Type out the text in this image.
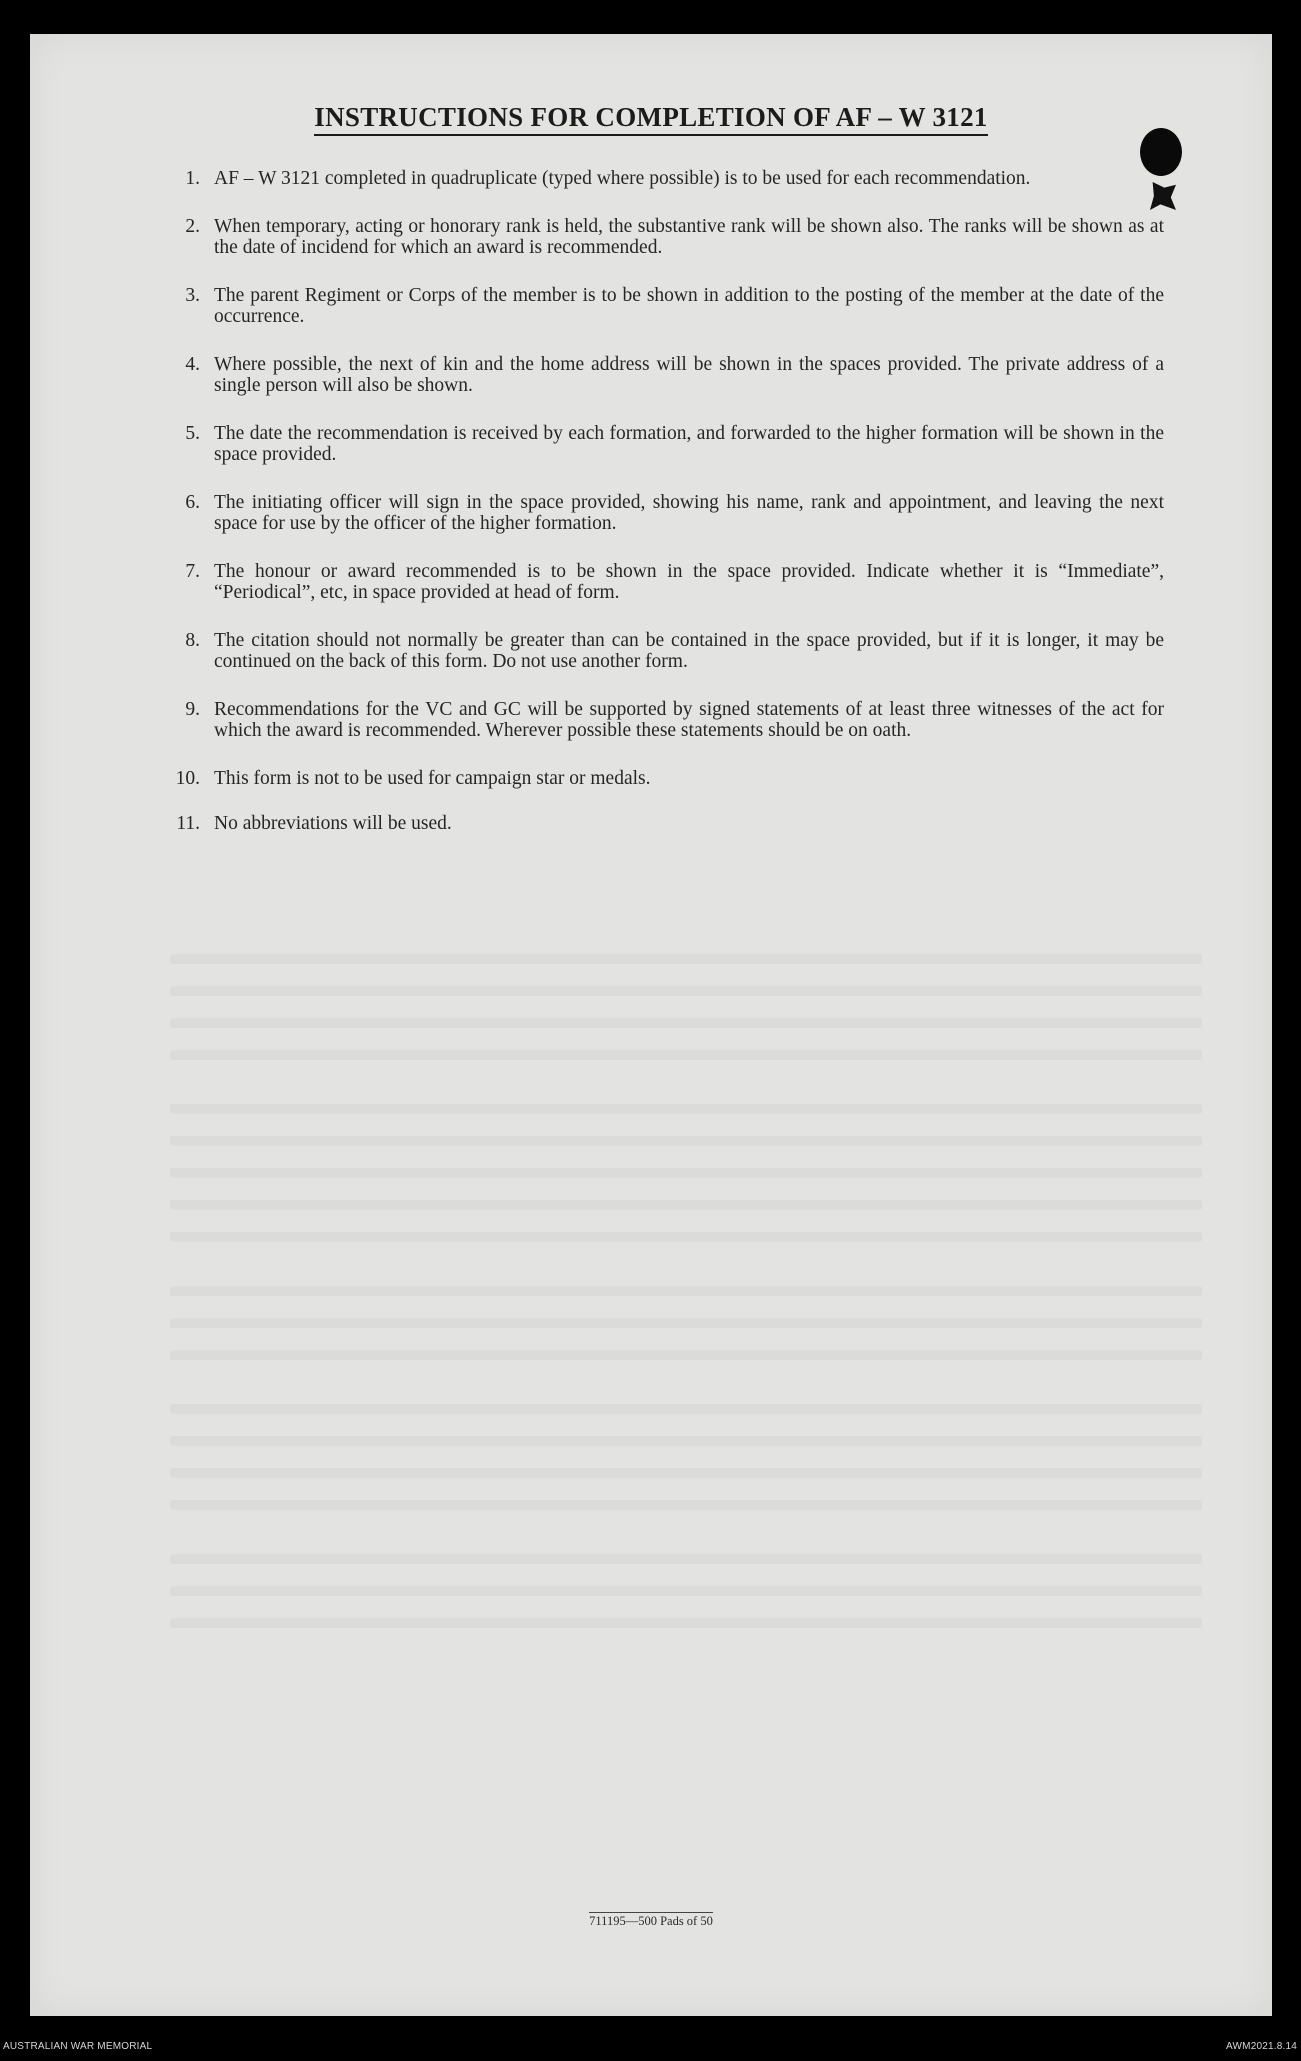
INSTRUCTIONS FOR COMPLETION OF AF – W 3121
1. AF – W 3121 completed in quadruplicate (typed where possible) is to be used for each recommendation.
2. When temporary, acting or honorary rank is held, the substantive rank will be shown also. The ranks will be shown as at the date of incidend for which an award is recommended.
3. The parent Regiment or Corps of the member is to be shown in addition to the posting of the member at the date of the occurrence.
4. Where possible, the next of kin and the home address will be shown in the spaces provided. The private address of a single person will also be shown.
5. The date the recommendation is received by each formation, and forwarded to the higher formation will be shown in the space provided.
6. The initiating officer will sign in the space provided, showing his name, rank and appointment, and leaving the next space for use by the officer of the higher formation.
7. The honour or award recommended is to be shown in the space provided. Indicate whether it is “Immediate”, “Periodical”, etc, in space provided at head of form.
8. The citation should not normally be greater than can be contained in the space provided, but if it is longer, it may be continued on the back of this form. Do not use another form.
9. Recommendations for the VC and GC will be supported by signed statements of at least three witnesses of the act for which the award is recommended. Wherever possible these statements should be on oath.
10. This form is not to be used for campaign star or medals.
11. No abbreviations will be used.
711195—500 Pads of 50
AUSTRALIAN WAR MEMORIAL	AWM2021.8.14
